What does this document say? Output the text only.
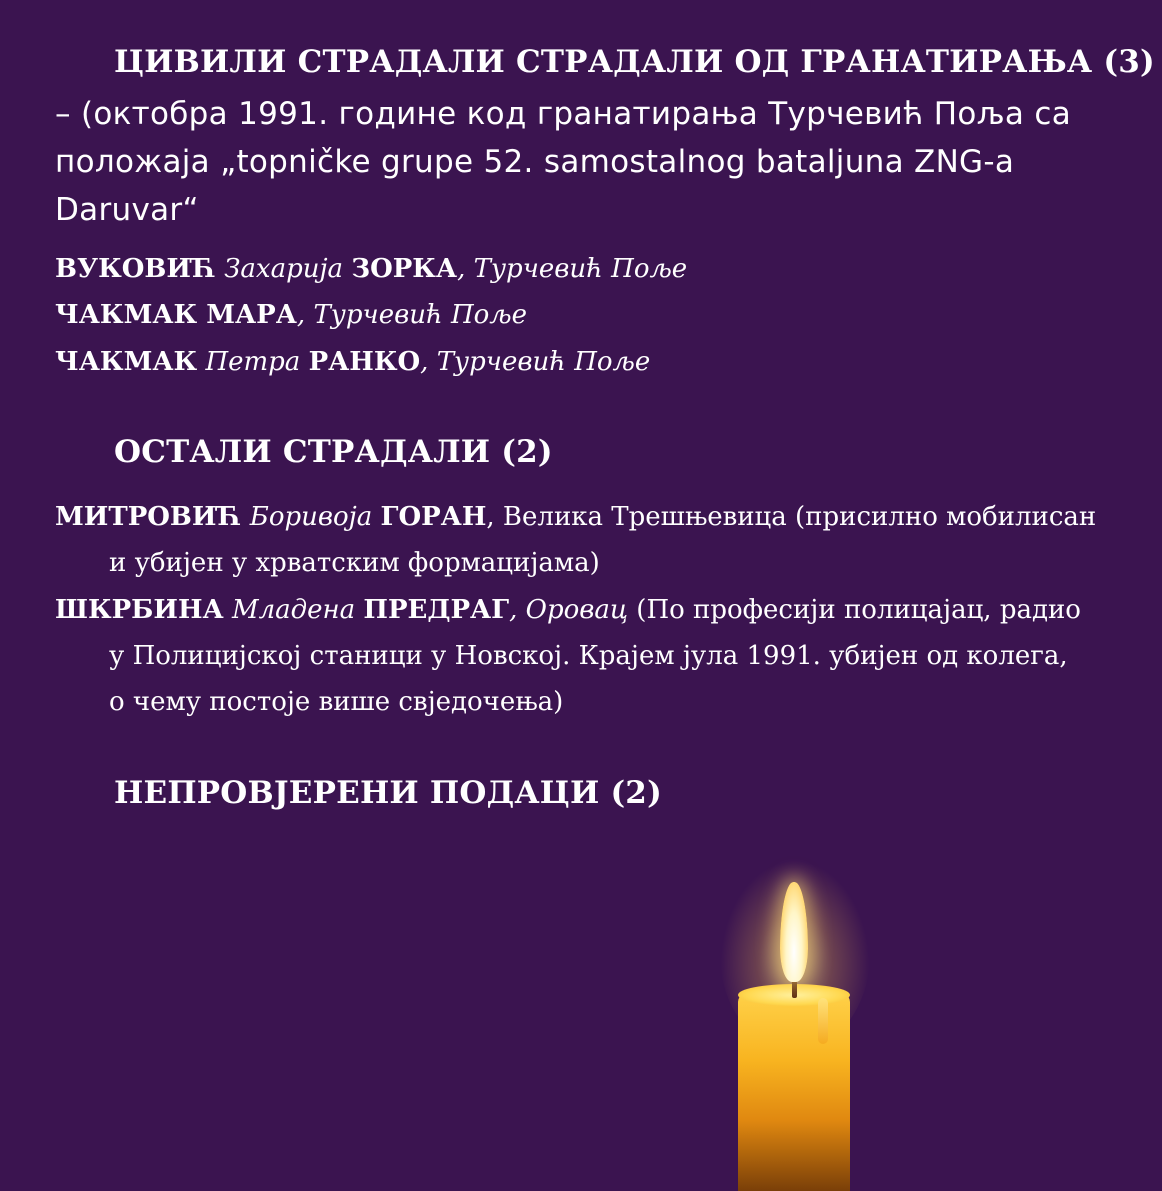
ЦИВИЛИ СТРАДАЛИ СТРАДАЛИ ОД ГРАНАТИРАЊА (3)
– (октобра 1991. године код гранатирања Турчевић Поља са
положаја „topničke grupe 52. samostalnog bataljuna ZNG-a
Daruvar“
ВУКОВИЋ Захарија ЗОРКА, Турчевић Поље
ЧАКМАК МАРА, Турчевић Поље
ЧАКМАК Петра РАНКО, Турчевић Поље
ОСТАЛИ СТРАДАЛИ (2)
МИТРОВИЋ Боривоја ГОРАН, Велика Трешњевица (присилно мобилисан
и убијен у хрватским формацијама)
ШКРБИНА Младена ПРЕДРАГ, Оровац (По професији полицајац, радио
у Полицијској станици у Новској. Крајем јула 1991. убијен од колега,
о чему постоје више свједочења)
НЕПРОВЈЕРЕНИ ПОДАЦИ (2)
